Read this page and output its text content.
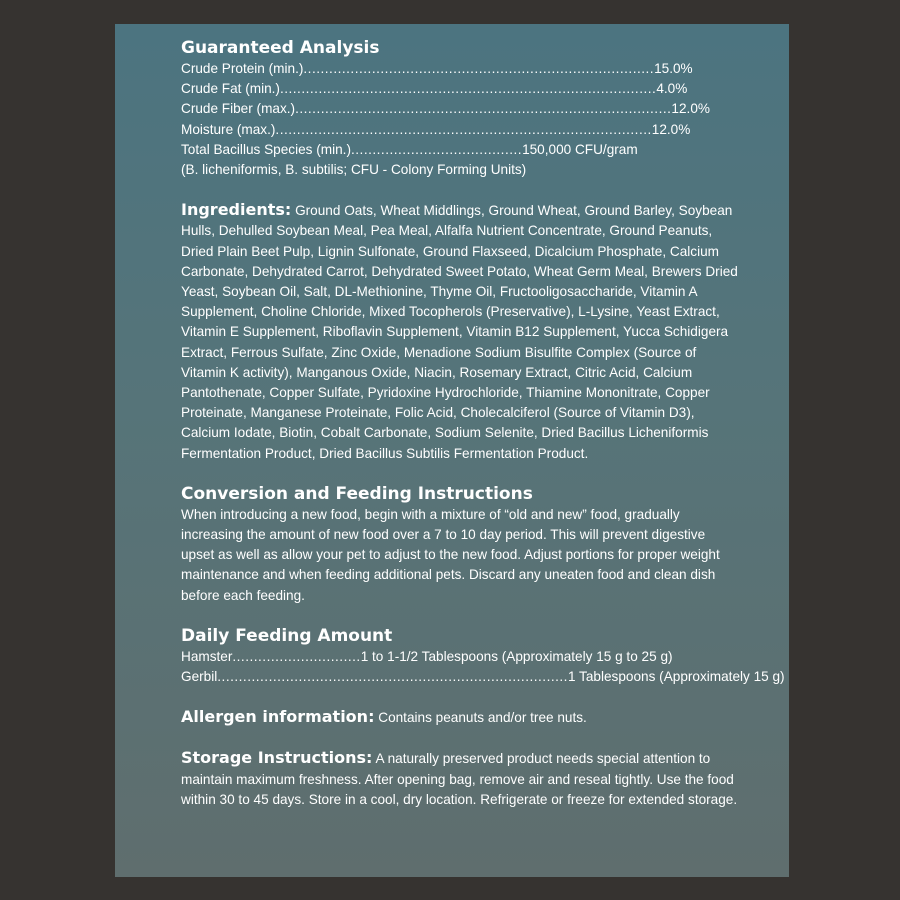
Guaranteed Analysis
Crude Protein (min.) .................................................................................. 15.0%
Crude Fat (min.) ........................................................................................ 4.0%
Crude Fiber (max.) ........................................................................................ 12.0%
Moisture (max.) ........................................................................................ 12.0%
Total Bacillus Species (min.) ........................................ 150,000 CFU/gram
(B. licheniformis, B. subtilis; CFU - Colony Forming Units)

Ingredients: Ground Oats, Wheat Middlings, Ground Wheat, Ground Barley, Soybean Hulls, Dehulled Soybean Meal, Pea Meal, Alfalfa Nutrient Concentrate, Ground Peanuts, Dried Plain Beet Pulp, Lignin Sulfonate, Ground Flaxseed, Dicalcium Phosphate, Calcium Carbonate, Dehydrated Carrot, Dehydrated Sweet Potato, Wheat Germ Meal, Brewers Dried Yeast, Soybean Oil, Salt, DL-Methionine, Thyme Oil, Fructooligosaccharide, Vitamin A Supplement, Choline Chloride, Mixed Tocopherols (Preservative), L-Lysine, Yeast Extract, Vitamin E Supplement, Riboflavin Supplement, Vitamin B12 Supplement, Yucca Schidigera Extract, Ferrous Sulfate, Zinc Oxide, Menadione Sodium Bisulfite Complex (Source of Vitamin K activity), Manganous Oxide, Niacin, Rosemary Extract, Citric Acid, Calcium Pantothenate, Copper Sulfate, Pyridoxine Hydrochloride, Thiamine Mononitrate, Copper Proteinate, Manganese Proteinate, Folic Acid, Cholecalciferol (Source of Vitamin D3), Calcium Iodate, Biotin, Cobalt Carbonate, Sodium Selenite, Dried Bacillus Licheniformis Fermentation Product, Dried Bacillus Subtilis Fermentation Product.

Conversion and Feeding Instructions

When introducing a new food, begin with a mixture of “old and new” food, gradually increasing the amount of new food over a 7 to 10 day period. This will prevent digestive upset as well as allow your pet to adjust to the new food. Adjust portions for proper weight maintenance and when feeding additional pets. Discard any uneaten food and clean dish before each feeding.

Daily Feeding Amount
Hamster .............................. 1 to 1-1/2 Tablespoons (Approximately 15 g to 25 g)
Gerbil .................................................................................. 1 Tablespoons (Approximately 15 g)

Allergen information: Contains peanuts and/or tree nuts.

Storage Instructions: A naturally preserved product needs special attention to maintain maximum freshness. After opening bag, remove air and reseal tightly. Use the food within 30 to 45 days. Store in a cool, dry location. Refrigerate or freeze for extended storage.
